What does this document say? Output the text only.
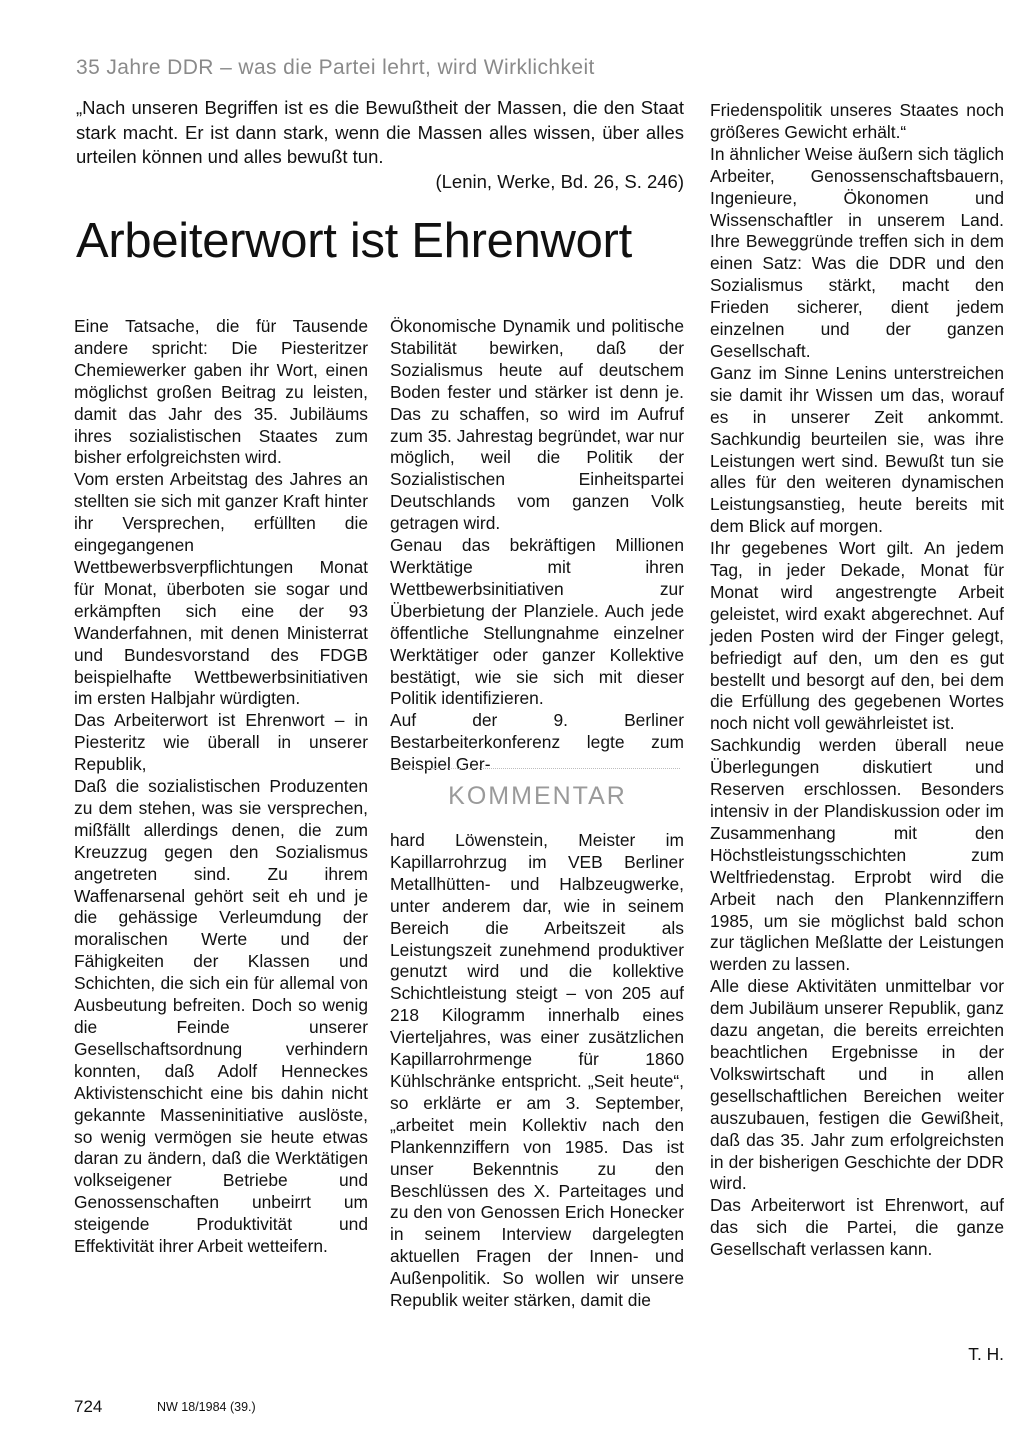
35 Jahre DDR – was die Partei lehrt, wird Wirklichkeit
„Nach unseren Begriffen ist es die Bewußtheit der Massen, die den Staat stark macht. Er ist dann stark, wenn die Massen alles wissen, über alles urteilen können und alles bewußt tun.
(Lenin, Werke, Bd. 26, S. 246)
Arbeiterwort ist Ehrenwort

Eine Tatsache, die für Tausende andere spricht: Die Piesteritzer Chemiewerker gaben ihr Wort, einen möglichst großen Beitrag zu leisten, damit das Jahr des 35. Jubiläums ihres sozialistischen Staates zum bisher erfolgreichsten wird.

Vom ersten Arbeitstag des Jahres an stellten sie sich mit ganzer Kraft hinter ihr Versprechen, erfüllten die eingegangenen Wettbewerbsverpflichtungen Monat für Monat, überboten sie sogar und erkämpften sich eine der 93 Wanderfahnen, mit denen Ministerrat und Bundesvorstand des FDGB beispielhafte Wettbewerbsinitiativen im ersten Halbjahr würdigten.

Das Arbeiterwort ist Ehrenwort – in Piesteritz wie überall in unserer Republik,

Daß die sozialistischen Produzenten zu dem stehen, was sie versprechen, mißfällt allerdings denen, die zum Kreuzzug gegen den Sozialismus angetreten sind. Zu ihrem Waffenarsenal gehört seit eh und je die gehässige Verleumdung der moralischen Werte und der Fähigkeiten der Klassen und Schichten, die sich ein für allemal von Ausbeutung befreiten. Doch so wenig die Feinde unserer Gesellschaftsordnung verhindern konnten, daß Adolf Henneckes Aktivistenschicht eine bis dahin nicht gekannte Masseninitiative auslöste, so wenig vermögen sie heute etwas daran zu ändern, daß die Werktätigen volkseigener Betriebe und Genossenschaften unbeirrt um steigende Produktivität und Effektivität ihrer Arbeit wetteifern.

Ökonomische Dynamik und politische Stabilität bewirken, daß der Sozialismus heute auf deutschem Boden fester und stärker ist denn je. Das zu schaffen, so wird im Aufruf zum 35. Jahrestag begründet, war nur möglich, weil die Politik der Sozialistischen Einheitspartei Deutschlands vom ganzen Volk getragen wird.

Genau das bekräftigen Millionen Werktätige mit ihren Wettbewerbsinitiativen zur Überbietung der Planziele. Auch jede öffentliche Stellungnahme einzelner Werktätiger oder ganzer Kollektive bestätigt, wie sie sich mit dieser Politik identifizieren.

Auf der 9. Berliner Bestarbeiterkonferenz legte zum Beispiel Ger-

KOMMENTAR

hard Löwenstein, Meister im Kapillarrohrzug im VEB Berliner Metallhütten- und Halbzeugwerke, unter anderem dar, wie in seinem Bereich die Arbeitszeit als Leistungszeit zunehmend produktiver genutzt wird und die kollektive Schichtleistung steigt – von 205 auf 218 Kilogramm innerhalb eines Vierteljahres, was einer zusätzlichen Kapillarrohrmenge für 1860 Kühlschränke entspricht. „Seit heute“, so erklärte er am 3. September, „arbeitet mein Kollektiv nach den Plankennziffern von 1985. Das ist unser Bekenntnis zu den Beschlüssen des X. Parteitages und zu den von Genossen Erich Honecker in seinem Interview dargelegten aktuellen Fragen der Innen- und Außenpolitik. So wollen wir unsere Republik weiter stärken, damit die

Friedenspolitik unseres Staates noch größeres Gewicht erhält.“

In ähnlicher Weise äußern sich täglich Arbeiter, Genossenschaftsbauern, Ingenieure, Ökonomen und Wissenschaftler in unserem Land. Ihre Beweggründe treffen sich in dem einen Satz: Was die DDR und den Sozialismus stärkt, macht den Frieden sicherer, dient jedem einzelnen und der ganzen Gesellschaft.

Ganz im Sinne Lenins unterstreichen sie damit ihr Wissen um das, worauf es in unserer Zeit ankommt. Sachkundig beurteilen sie, was ihre Leistungen wert sind. Bewußt tun sie alles für den weiteren dynamischen Leistungsanstieg, heute bereits mit dem Blick auf morgen.

Ihr gegebenes Wort gilt. An jedem Tag, in jeder Dekade, Monat für Monat wird angestrengte Arbeit geleistet, wird exakt abgerechnet. Auf jeden Posten wird der Finger gelegt, befriedigt auf den, um den es gut bestellt und besorgt auf den, bei dem die Erfüllung des gegebenen Wortes noch nicht voll gewährleistet ist.

Sachkundig werden überall neue Überlegungen diskutiert und Reserven erschlossen. Besonders intensiv in der Plandiskussion oder im Zusammenhang mit den Höchstleistungsschichten zum Weltfriedenstag. Erprobt wird die Arbeit nach den Plankennziffern 1985, um sie möglichst bald schon zur täglichen Meßlatte der Leistungen werden zu lassen.

Alle diese Aktivitäten unmittelbar vor dem Jubiläum unserer Republik, ganz dazu angetan, die bereits erreichten beachtlichen Ergebnisse in der Volkswirtschaft und in allen gesellschaftlichen Bereichen weiter auszubauen, festigen die Gewißheit, daß das 35. Jahr zum erfolgreichsten in der bisherigen Geschichte der DDR wird.

Das Arbeiterwort ist Ehrenwort, auf das sich die Partei, die ganze Gesellschaft verlassen kann.

T. H.
724	NW 18/1984 (39.)
